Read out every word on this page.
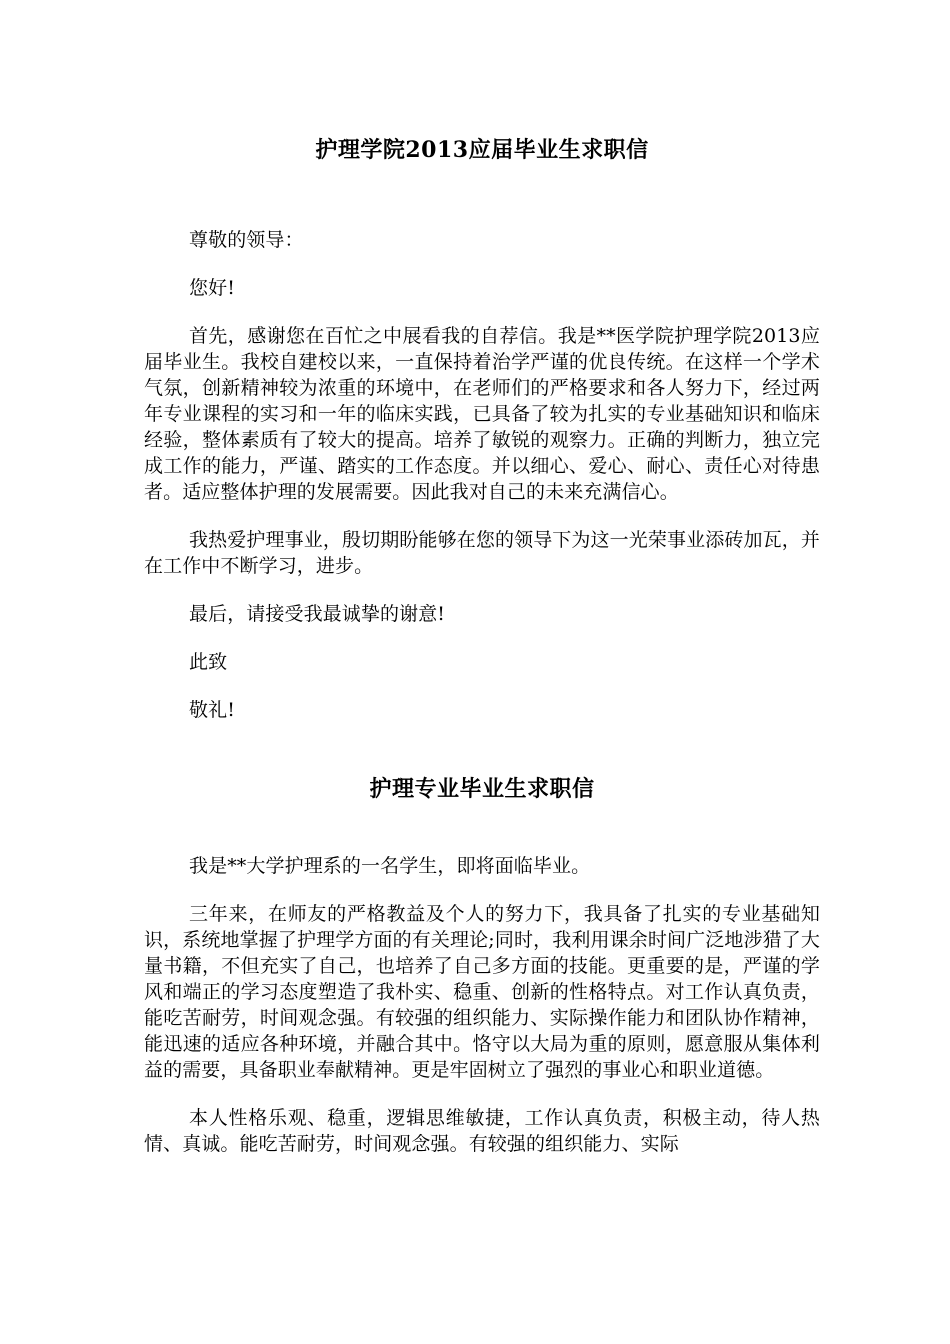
护理学院2013应届毕业生求职信

尊敬的领导：

您好!

首先，感谢您在百忙之中展看我的自荐信。我是**医学院护理学院2013应届毕业生。我校自建校以来，一直保持着治学严谨的优良传统。在这样一个学术气氛，创新精神较为浓重的环境中，在老师们的严格要求和各人努力下，经过两年专业课程的实习和一年的临床实践，已具备了较为扎实的专业基础知识和临床经验，整体素质有了较大的提高。培养了敏锐的观察力。正确的判断力，独立完成工作的能力，严谨、踏实的工作态度。并以细心、爱心、耐心、责任心对待患者。适应整体护理的发展需要。因此我对自己的未来充满信心。

我热爱护理事业，殷切期盼能够在您的领导下为这一光荣事业添砖加瓦，并在工作中不断学习，进步。

最后，请接受我最诚挚的谢意!

此致

敬礼!

护理专业毕业生求职信

我是**大学护理系的一名学生，即将面临毕业。

三年来，在师友的严格教益及个人的努力下，我具备了扎实的专业基础知识，系统地掌握了护理学方面的有关理论;同时，我利用课余时间广泛地涉猎了大量书籍，不但充实了自己，也培养了自己多方面的技能。更重要的是，严谨的学风和端正的学习态度塑造了我朴实、稳重、创新的性格特点。对工作认真负责，能吃苦耐劳，时间观念强。有较强的组织能力、实际操作能力和团队协作精神，能迅速的适应各种环境，并融合其中。恪守以大局为重的原则，愿意服从集体利益的需要，具备职业奉献精神。更是牢固树立了强烈的事业心和职业道德。

本人性格乐观、稳重，逻辑思维敏捷，工作认真负责，积极主动，待人热情、真诚。能吃苦耐劳，时间观念强。有较强的组织能力、实际
